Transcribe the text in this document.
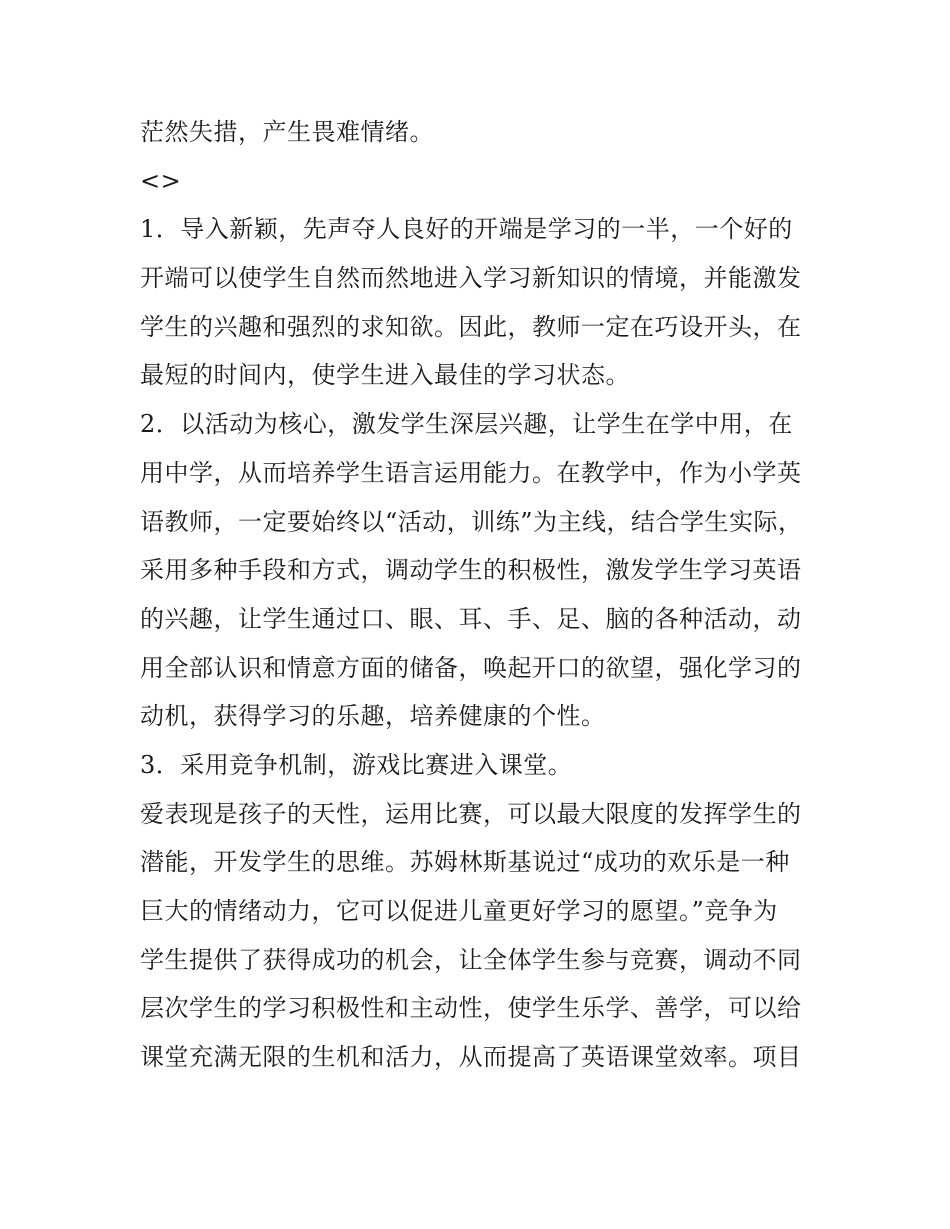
茫然失措，产生畏难情绪。
<>
1．导入新颖，先声夺人良好的开端是学习的一半，一个好的
开端可以使学生自然而然地进入学习新知识的情境，并能激发
学生的兴趣和强烈的求知欲。因此，教师一定在巧设开头，在
最短的时间内，使学生进入最佳的学习状态。
2．以活动为核心，激发学生深层兴趣，让学生在学中用，在
用中学，从而培养学生语言运用能力。在教学中，作为小学英
语教师，一定要始终以“活动，训练”为主线，结合学生实际，
采用多种手段和方式，调动学生的积极性，激发学生学习英语
的兴趣，让学生通过口、眼、耳、手、足、脑的各种活动，动
用全部认识和情意方面的储备，唤起开口的欲望，强化学习的
动机，获得学习的乐趣，培养健康的个性。
3．采用竞争机制，游戏比赛进入课堂。
爱表现是孩子的天性，运用比赛，可以最大限度的发挥学生的
潜能，开发学生的思维。苏姆林斯基说过“成功的欢乐是一种
巨大的情绪动力，它可以促进儿童更好学习的愿望。”竞争为
学生提供了获得成功的机会，让全体学生参与竞赛，调动不同
层次学生的学习积极性和主动性，使学生乐学、善学，可以给
课堂充满无限的生机和活力，从而提高了英语课堂效率。项目
